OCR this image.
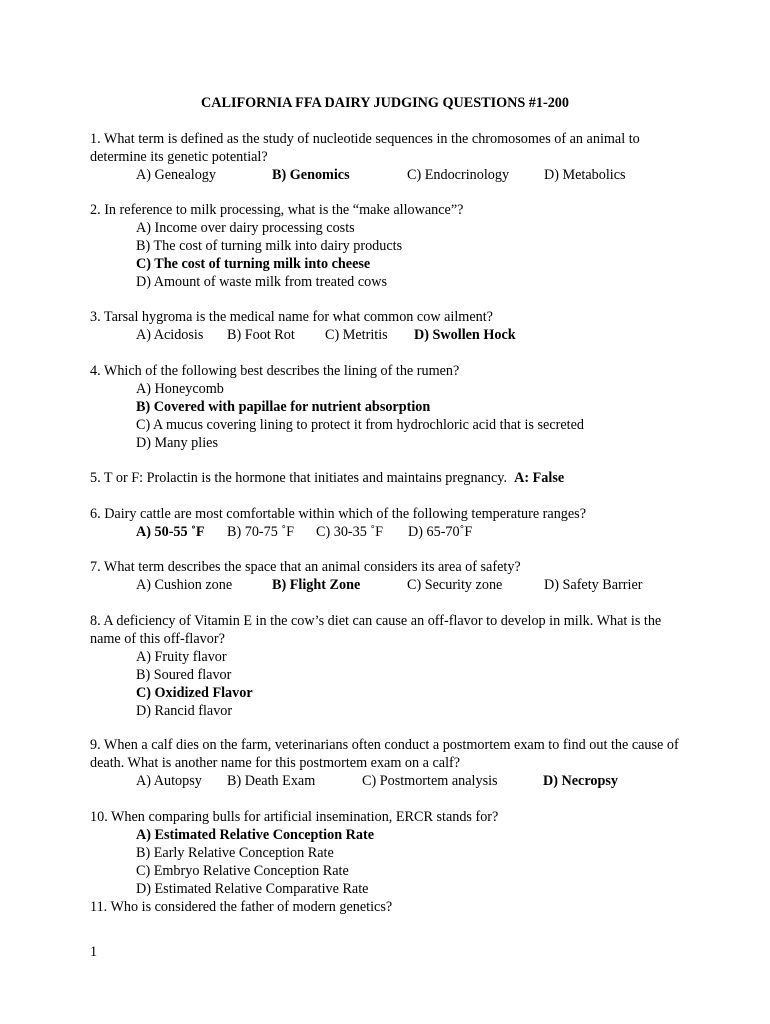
CALIFORNIA FFA DAIRY JUDGING QUESTIONS #1-200
1. What term is defined as the study of nucleotide sequences in the chromosomes of an animal to determine its genetic potential?
A) Genealogy	B) Genomics	C) Endocrinology D) Metabolics
2. In reference to milk processing, what is the “make allowance”?
A) Income over dairy processing costs
B) The cost of turning milk into dairy products
C) The cost of turning milk into cheese
D) Amount of waste milk from treated cows
3. Tarsal hygroma is the medical name for what common cow ailment?
A) Acidosis B) Foot Rot C) Metritis D) Swollen Hock
4. Which of the following best describes the lining of the rumen?
A) Honeycomb
B) Covered with papillae for nutrient absorption
C) A mucus covering lining to protect it from hydrochloric acid that is secreted
D) Many plies
5. T or F: Prolactin is the hormone that initiates and maintains pregnancy. A: False
6. Dairy cattle are most comfortable within which of the following temperature ranges?
A) 50-55 ˚F B) 70-75 ˚F C) 30-35 ˚F D) 65-70˚F
7. What term describes the space that an animal considers its area of safety?
A) Cushion zone	B) Flight Zone	C) Security zone	D) Safety Barrier
8. A deficiency of Vitamin E in the cow’s diet can cause an off-flavor to develop in milk. What is the name of this off-flavor?
A) Fruity flavor
B) Soured flavor
C) Oxidized Flavor
D) Rancid flavor
9. When a calf dies on the farm, veterinarians often conduct a postmortem exam to find out the cause of death. What is another name for this postmortem exam on a calf?
A) Autopsy B) Death Exam	C) Postmortem analysis	D) Necropsy
10. When comparing bulls for artificial insemination, ERCR stands for?
A) Estimated Relative Conception Rate
B) Early Relative Conception Rate
C) Embryo Relative Conception Rate
D) Estimated Relative Comparative Rate
11. Who is considered the father of modern genetics?
1
